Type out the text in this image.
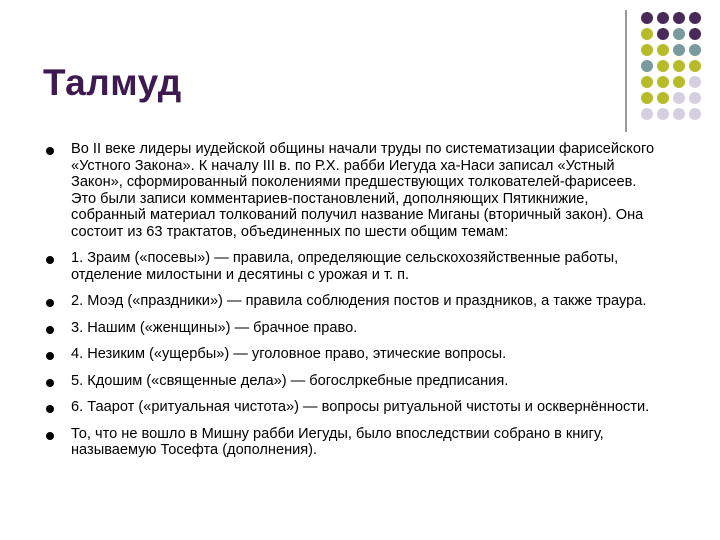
Талмуд
Во II веке лидеры иудейской общины начали труды по систематизации фарисейского «Устного Закона». К началу III в. по Р.Х. рабби Иегуда ха-Наси записал «Устный Закон», сформированный поколениями предшествующих толкователей-фарисеев. Это были записи комментариев-постановлений, дополняющих Пятикнижие, собранный материал толкований получил название Миганы (вторичный закон). Она состоит из 63 трактатов, объединенных по шести общим темам:
1. Зраим («посевы») — правила, определяющие сельскохозяйственные работы, отделение милостыни и десятины с урожая и т. п.
2. Моэд («праздники») — правила соблюдения постов и праздников, а также траура.
3. Нашим («женщины») — брачное право.
4. Незиким («ущербы») — уголовное право, этические вопросы.
5. Кдошим («священные дела») — богослркебные предписания.
6. Таарот («ритуальная чистота») — вопросы ритуальной чистоты и осквернённости.
То, что не вошло в Мишну рабби Иегуды, было впоследствии собрано в книгу, называемую Тосефта (дополнения).
